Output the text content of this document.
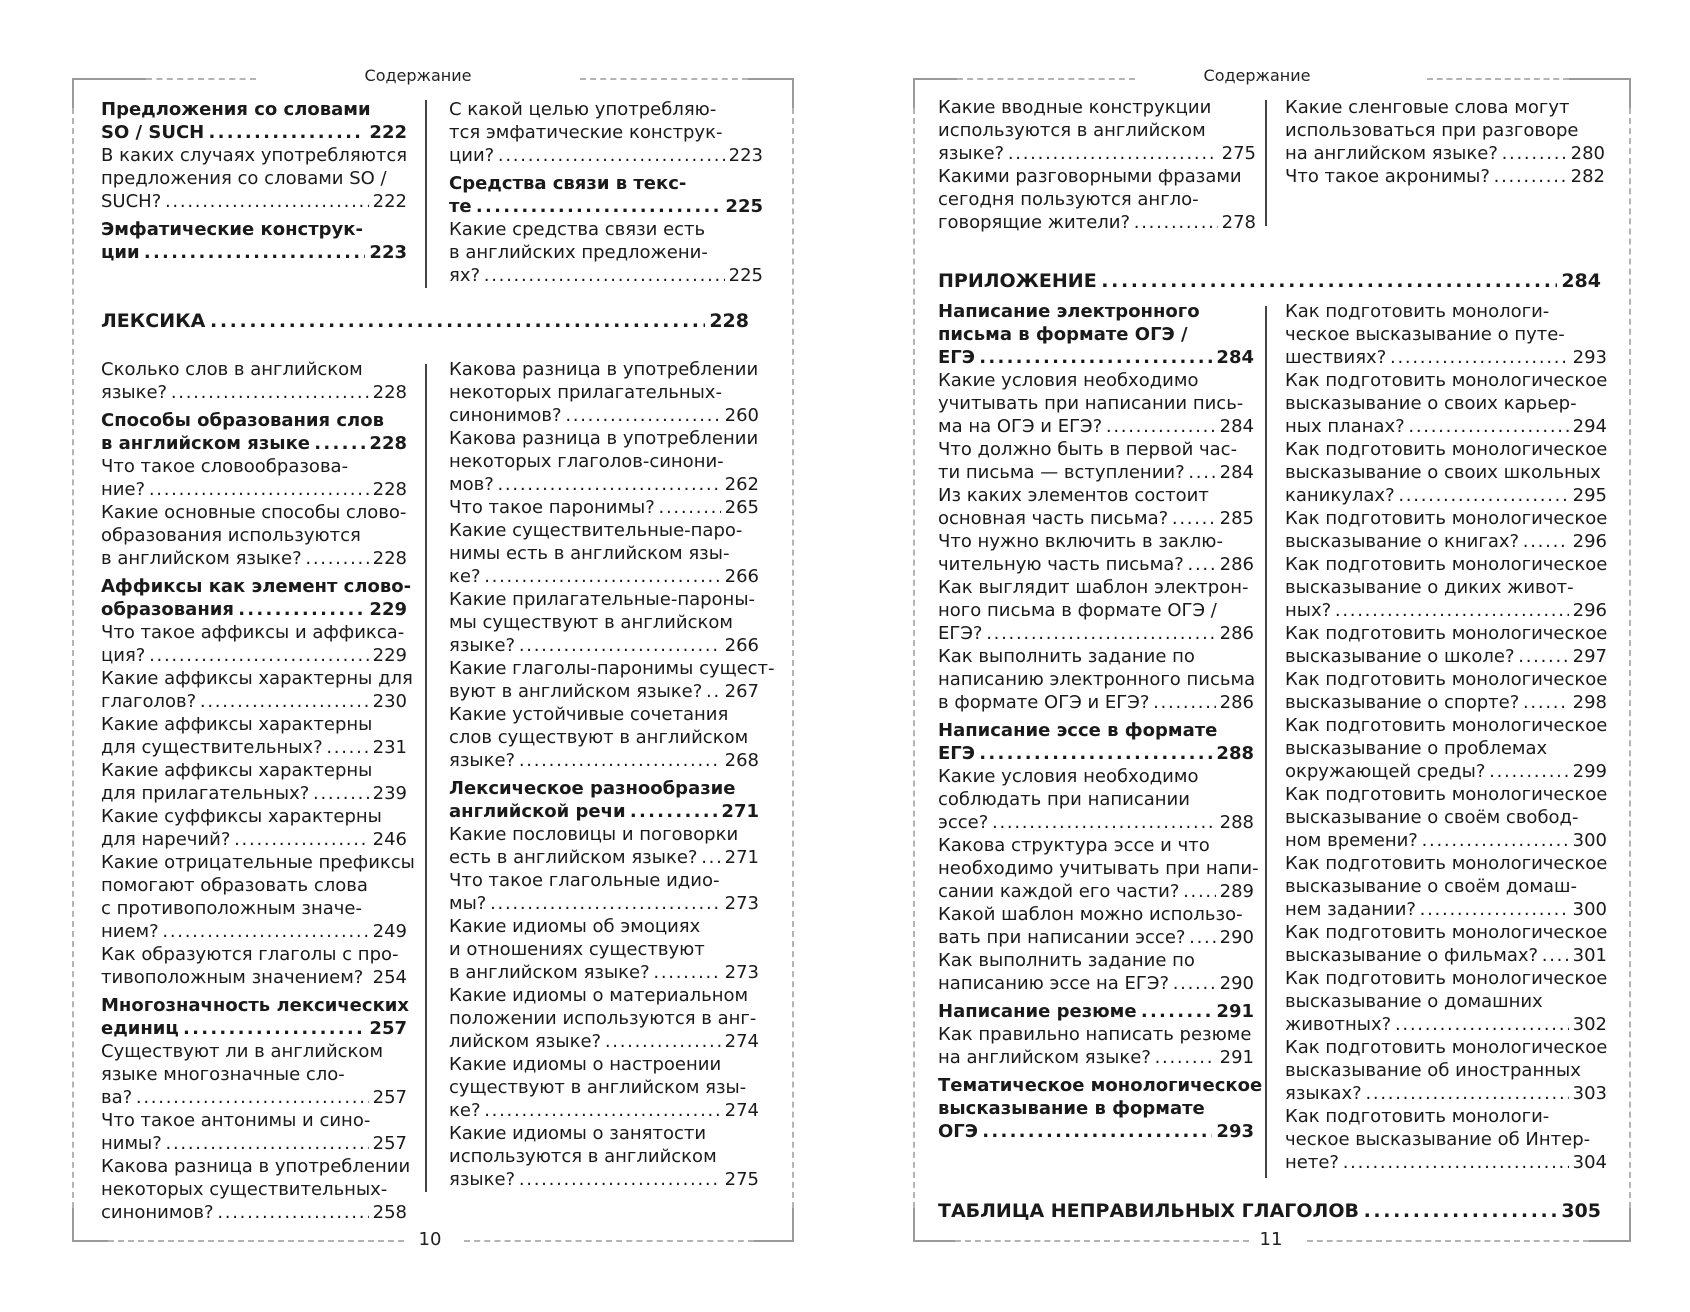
Содержание
10
Предложения со словами
SO / SUCH . . .	222
В каких случаях употребляются
предложения со словами SO /
SUCH? . . .	222
Эмфатические конструк-
ции . . .	223
С какой целью употребляю-
тся эмфатические конструк-
ции? . . .	223
Средства связи в текс-
те . . .	225
Какие средства связи есть
в английских предложени-
ях? . . .	225
ЛЕКСИКА . . .	228
Сколько слов в английском
языке? . . .	228
Способы образования слов
в английском языке . . .	228
Что такое словообразова-
ние? . . .	228
Какие основные способы слово-
образования используются
в английском языке? . . .	228
Аффиксы как элемент слово-
образования . . .	229
Что такое аффиксы и аффикса-
ция? . . .	229
Какие аффиксы характерны для
глаголов? . . .	230
Какие аффиксы характерны
для существительных? . . .	231
Какие аффиксы характерны
для прилагательных? . . .	239
Какие суффиксы характерны
для наречий? . . .	246
Какие отрицательные префиксы
помогают образовать слова
с противоположным значе-
нием? . . .	249
Как образуются глаголы с про-
тивоположным значением? . . . 254
Многозначность лексических
единиц . . .	257
Существуют ли в английском
языке многозначные сло-
ва? . . .	257
Что такое антонимы и сино-
нимы? . . .	257
Какова разница в употреблении
некоторых существительных-
синонимов? . . .	258
Какова разница в употреблении
некоторых прилагательных-
синонимов? . . .	260
Какова разница в употреблении
некоторых глаголов-синони-
мов? . . .	262
Что такое паронимы? . . .	265
Какие существительные-паро-
нимы есть в английском язы-
ке? . . .	266
Какие прилагательные-пароны-
мы существуют в английском
языке? . . .	266
Какие глаголы-паронимы сущест-
вуют в английском языке? . . .	267
Какие устойчивые сочетания
слов существуют в английском
языке? . . .	268
Лексическое разнообразие
английской речи . . .	271
Какие пословицы и поговорки
есть в английском языке? . . .	271
Что такое глагольные идио-
мы? . . .	273
Какие идиомы об эмоциях
и отношениях существуют
в английском языке? . . .	273
Какие идиомы о материальном
положении используются в анг-
лийском языке? . . .	274
Какие идиомы о настроении
существуют в английском язы-
ке? . . .	274
Какие идиомы о занятости
используются в английском
языке? . . .	275
Содержание
11
Какие вводные конструкции
используются в английском
языке? . . .	275
Какими разговорными фразами
сегодня пользуются англо-
говорящие жители? . . .	278
Какие сленговые слова могут
использоваться при разговоре
на английском языке? . . .	280
Что такое акронимы? . . .	282
ПРИЛОЖЕНИЕ . . .	284
Написание электронного
письма в формате ОГЭ /
ЕГЭ . . .	284
Какие условия необходимо
учитывать при написании пись-
ма на ОГЭ и ЕГЭ? . . .	284
Что должно быть в первой час-
ти письма — вступлении? . . .	284
Из каких элементов состоит
основная часть письма? . . .	285
Что нужно включить в заклю-
чительную часть письма? . . .	286
Как выглядит шаблон электрон-
ного письма в формате ОГЭ /
ЕГЭ? . . .	286
Как выполнить задание по
написанию электронного письма
в формате ОГЭ и ЕГЭ? . . .	286
Написание эссе в формате
ЕГЭ . . .	288
Какие условия необходимо
соблюдать при написании
эссе? . . .	288
Какова структура эссе и что
необходимо учитывать при напи-
сании каждой его части? . . .	289
Какой шаблон можно использо-
вать при написании эссе? . . .	290
Как выполнить задание по
написанию эссе на ЕГЭ? . . .	290
Написание резюме . . .	291
Как правильно написать резюме
на английском языке? . . .	291
Тематическое монологическое
высказывание в формате
ОГЭ . . .	293
Как подготовить монологи-
ческое высказывание о путе-
шествиях? . . .	293
Как подготовить монологическое
высказывание о своих карьер-
ных планах? . . .	294
Как подготовить монологическое
высказывание о своих школьных
каникулах? . . .	295
Как подготовить монологическое
высказывание о книгах? . . .	296
Как подготовить монологическое
высказывание о диких живот-
ных? . . .	296
Как подготовить монологическое
высказывание о школе? . . .	297
Как подготовить монологическое
высказывание о спорте? . . .	298
Как подготовить монологическое
высказывание о проблемах
окружающей среды? . . .	299
Как подготовить монологическое
высказывание о своём свобод-
ном времени? . . .	300
Как подготовить монологическое
высказывание о своём домаш-
нем задании? . . .	300
Как подготовить монологическое
высказывание о фильмах? . . .	301
Как подготовить монологическое
высказывание о домашних
животных? . . .	302
Как подготовить монологическое
высказывание об иностранных
языках? . . .	303
Как подготовить монологи-
ческое высказывание об Интер-
нете? . . .	304
ТАБЛИЦА НЕПРАВИЛЬНЫХ ГЛАГОЛОВ . . .	305
